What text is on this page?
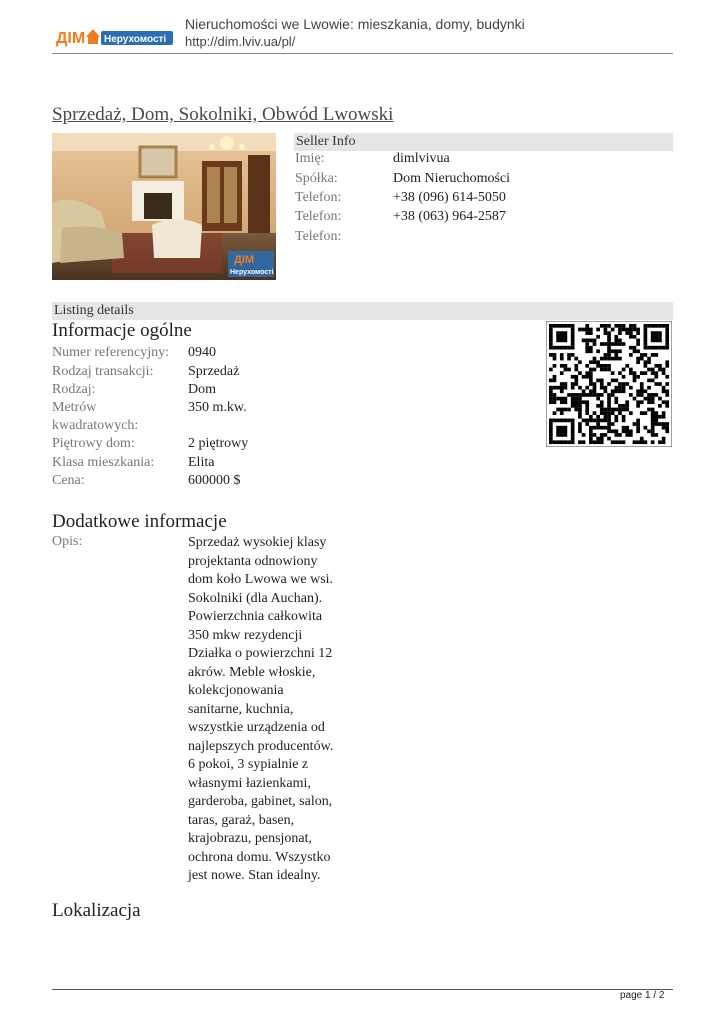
ДІМ Нерухомості
Nieruchomości we Lwowie: mieszkania, domy, budynki
http://dim.lviv.ua/pl/
Sprzedaż, Dom, Sokolniki, Obwód Lwowski
ДІМ
Нерухомості
Seller Info
Imię:	dimlvivua
Spółka:	Dom Nieruchomości
Telefon:	+38 (096) 614-5050
Telefon:	+38 (063) 964-2587
Telefon:
Listing details
Informacje ogólne
Numer referencyjny: 0940
Rodzaj transakcji: Sprzedaż
Rodzaj:	Dom
Metrów
kwadratowych:
350 m.kw.
Piętrowy dom:	2 piętrowy
Klasa mieszkania: Elita
Cena:	600000 $
Dodatkowe informacje
Opis:	Sprzedaż wysokiej klasy
projektanta odnowiony
dom koło Lwowa we wsi.
Sokolniki (dla Auchan).
Powierzchnia całkowita
350 mkw rezydencji
Działka o powierzchni 12
akrów. Meble włoskie,
kolekcjonowania
sanitarne, kuchnia,
wszystkie urządzenia od
najlepszych producentów.
6 pokoi, 3 sypialnie z
własnymi łazienkami,
garderoba, gabinet, salon,
taras, garaż, basen,
krajobrazu, pensjonat,
ochrona domu. Wszystko
jest nowe. Stan idealny.
Lokalizacja
page 1 / 2
